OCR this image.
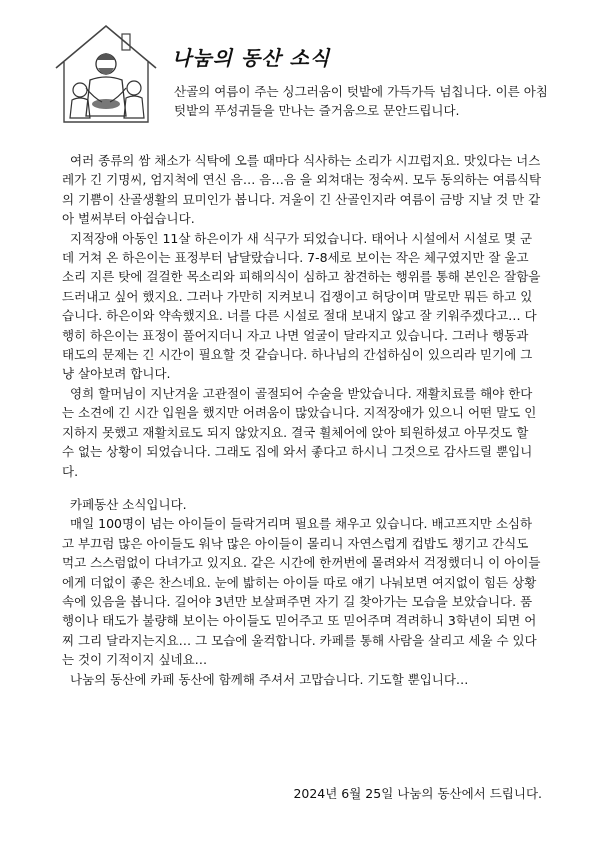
나눔의 동산 소식
산골의 여름이 주는 싱그러움이 텃밭에 가득가득 넘칩니다. 이른 아침 텃밭의 푸성귀들을 만나는 즐거움으로 문안드립니다.

여러 종류의 쌈 채소가 식탁에 오를 때마다 식사하는 소리가 시끄럽지요. 맛있다는 너스레가 긴 기명씨, 엄지척에 연신 음… 음…음 을 외쳐대는 정숙씨. 모두 동의하는 여름식탁의 기쁨이 산골생활의 묘미인가 봅니다. 겨울이 긴 산골인지라 여름이 금방 지날 것 만 같아 벌써부터 아쉽습니다.

지적장애 아동인 11살 하은이가 새 식구가 되었습니다. 태어나 시설에서 시설로 몇 군데 거쳐 온 하은이는 표정부터 남달랐습니다. 7-8세로 보이는 작은 체구였지만 잘 울고 소리 지른 탓에 걸걸한 목소리와 피해의식이 심하고 참견하는 행위를 통해 본인은 잘함을 드러내고 싶어 했지요. 그러나 가만히 지켜보니 겁쟁이고 허당이며 말로만 뭐든 하고 있습니다. 하은이와 약속했지요. 너를 다른 시설로 절대 보내지 않고 잘 키워주겠다고… 다행히 하은이는 표정이 풀어지더니 자고 나면 얼굴이 달라지고 있습니다. 그러나 행동과 태도의 문제는 긴 시간이 필요할 것 같습니다. 하나님의 간섭하심이 있으리라 믿기에 그냥 살아보려 합니다.

영희 할머님이 지난겨울 고관절이 골절되어 수술을 받았습니다. 재활치료를 해야 한다는 소견에 긴 시간 입원을 했지만 어려움이 많았습니다. 지적장애가 있으니 어떤 말도 인지하지 못했고 재활치료도 되지 않았지요. 결국 휠체어에 앉아 퇴원하셨고 아무것도 할 수 없는 상황이 되었습니다. 그래도 집에 와서 좋다고 하시니 그것으로 감사드릴 뿐입니다.

카페동산 소식입니다.

매일 100명이 넘는 아이들이 들락거리며 필요를 채우고 있습니다. 배고프지만 소심하고 부끄럼 많은 아이들도 워낙 많은 아이들이 몰리니 자연스럽게 컵밥도 챙기고 간식도 먹고 스스럼없이 다녀가고 있지요. 같은 시간에 한꺼번에 몰려와서 걱정했더니 이 아이들에게 더없이 좋은 찬스네요. 눈에 밟히는 아이들 따로 얘기 나눠보면 여지없이 힘든 상황 속에 있음을 봅니다. 길어야 3년만 보살펴주면 자기 길 찾아가는 모습을 보았습니다. 품행이나 태도가 불량해 보이는 아이들도 믿어주고 또 믿어주며 격려하니 3학년이 되면 어찌 그리 달라지는지요… 그 모습에 울컥합니다. 카페를 통해 사람을 살리고 세울 수 있다는 것이 기적이지 싶네요…

나눔의 동산에 카페 동산에 함께해 주셔서 고맙습니다. 기도할 뿐입니다…

2024년 6월 25일 나눔의 동산에서 드립니다.
